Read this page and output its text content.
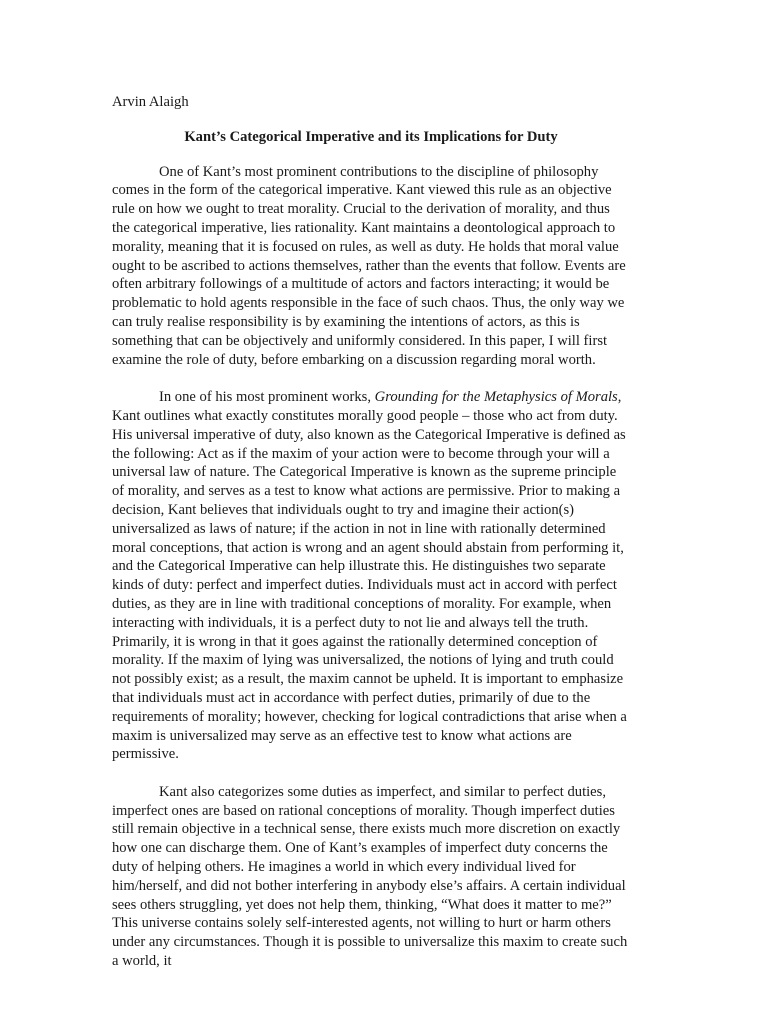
Arvin Alaigh
Kant’s Categorical Imperative and its Implications for Duty

One of Kant’s most prominent contributions to the discipline of philosophy comes in the form of the categorical imperative. Kant viewed this rule as an objective rule on how we ought to treat morality. Crucial to the derivation of morality, and thus the categorical imperative, lies rationality. Kant maintains a deontological approach to morality, meaning that it is focused on rules, as well as duty. He holds that moral value ought to be ascribed to actions themselves, rather than the events that follow. Events are often arbitrary followings of a multitude of actors and factors interacting; it would be problematic to hold agents responsible in the face of such chaos. Thus, the only way we can truly realise responsibility is by examining the intentions of actors, as this is something that can be objectively and uniformly considered. In this paper, I will first examine the role of duty, before embarking on a discussion regarding moral worth.

In one of his most prominent works, Grounding for the Metaphysics of Morals, Kant outlines what exactly constitutes morally good people – those who act from duty. His universal imperative of duty, also known as the Categorical Imperative is defined as the following: Act as if the maxim of your action were to become through your will a universal law of nature. The Categorical Imperative is known as the supreme principle of morality, and serves as a test to know what actions are permissive. Prior to making a decision, Kant believes that individuals ought to try and imagine their action(s) universalized as laws of nature; if the action in not in line with rationally determined moral conceptions, that action is wrong and an agent should abstain from performing it, and the Categorical Imperative can help illustrate this. He distinguishes two separate kinds of duty: perfect and imperfect duties. Individuals must act in accord with perfect duties, as they are in line with traditional conceptions of morality. For example, when interacting with individuals, it is a perfect duty to not lie and always tell the truth. Primarily, it is wrong in that it goes against the rationally determined conception of morality. If the maxim of lying was universalized, the notions of lying and truth could not possibly exist; as a result, the maxim cannot be upheld. It is important to emphasize that individuals must act in accordance with perfect duties, primarily of due to the requirements of morality; however, checking for logical contradictions that arise when a maxim is universalized may serve as an effective test to know what actions are permissive.

Kant also categorizes some duties as imperfect, and similar to perfect duties, imperfect ones are based on rational conceptions of morality. Though imperfect duties still remain objective in a technical sense, there exists much more discretion on exactly how one can discharge them. One of Kant’s examples of imperfect duty concerns the duty of helping others. He imagines a world in which every individual lived for him/herself, and did not bother interfering in anybody else’s affairs. A certain individual sees others struggling, yet does not help them, thinking, “What does it matter to me?” This universe contains solely self-interested agents, not willing to hurt or harm others under any circumstances. Though it is possible to universalize this maxim to create such a world, it
